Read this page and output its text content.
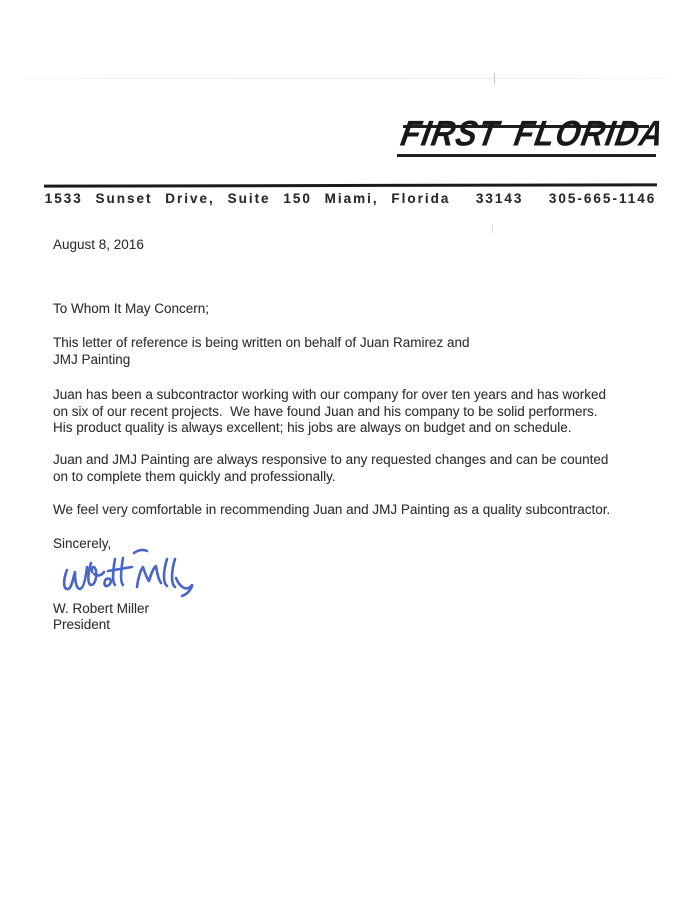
FIRST FLORIDA
1533 Sunset Drive, Suite 150 Miami, Florida  33143  305-665-1146
August 8, 2016
To Whom It May Concern;
This letter of reference is being written on behalf of Juan Ramirez and
JMJ Painting
Juan has been a subcontractor working with our company for over ten years and has worked
on six of our recent projects.  We have found Juan and his company to be solid performers.
His product quality is always excellent; his jobs are always on budget and on schedule.
Juan and JMJ Painting are always responsive to any requested changes and can be counted
on to complete them quickly and professionally.
We feel very comfortable in recommending Juan and JMJ Painting as a quality subcontractor.
Sincerely,
W. Robert Miller
President
